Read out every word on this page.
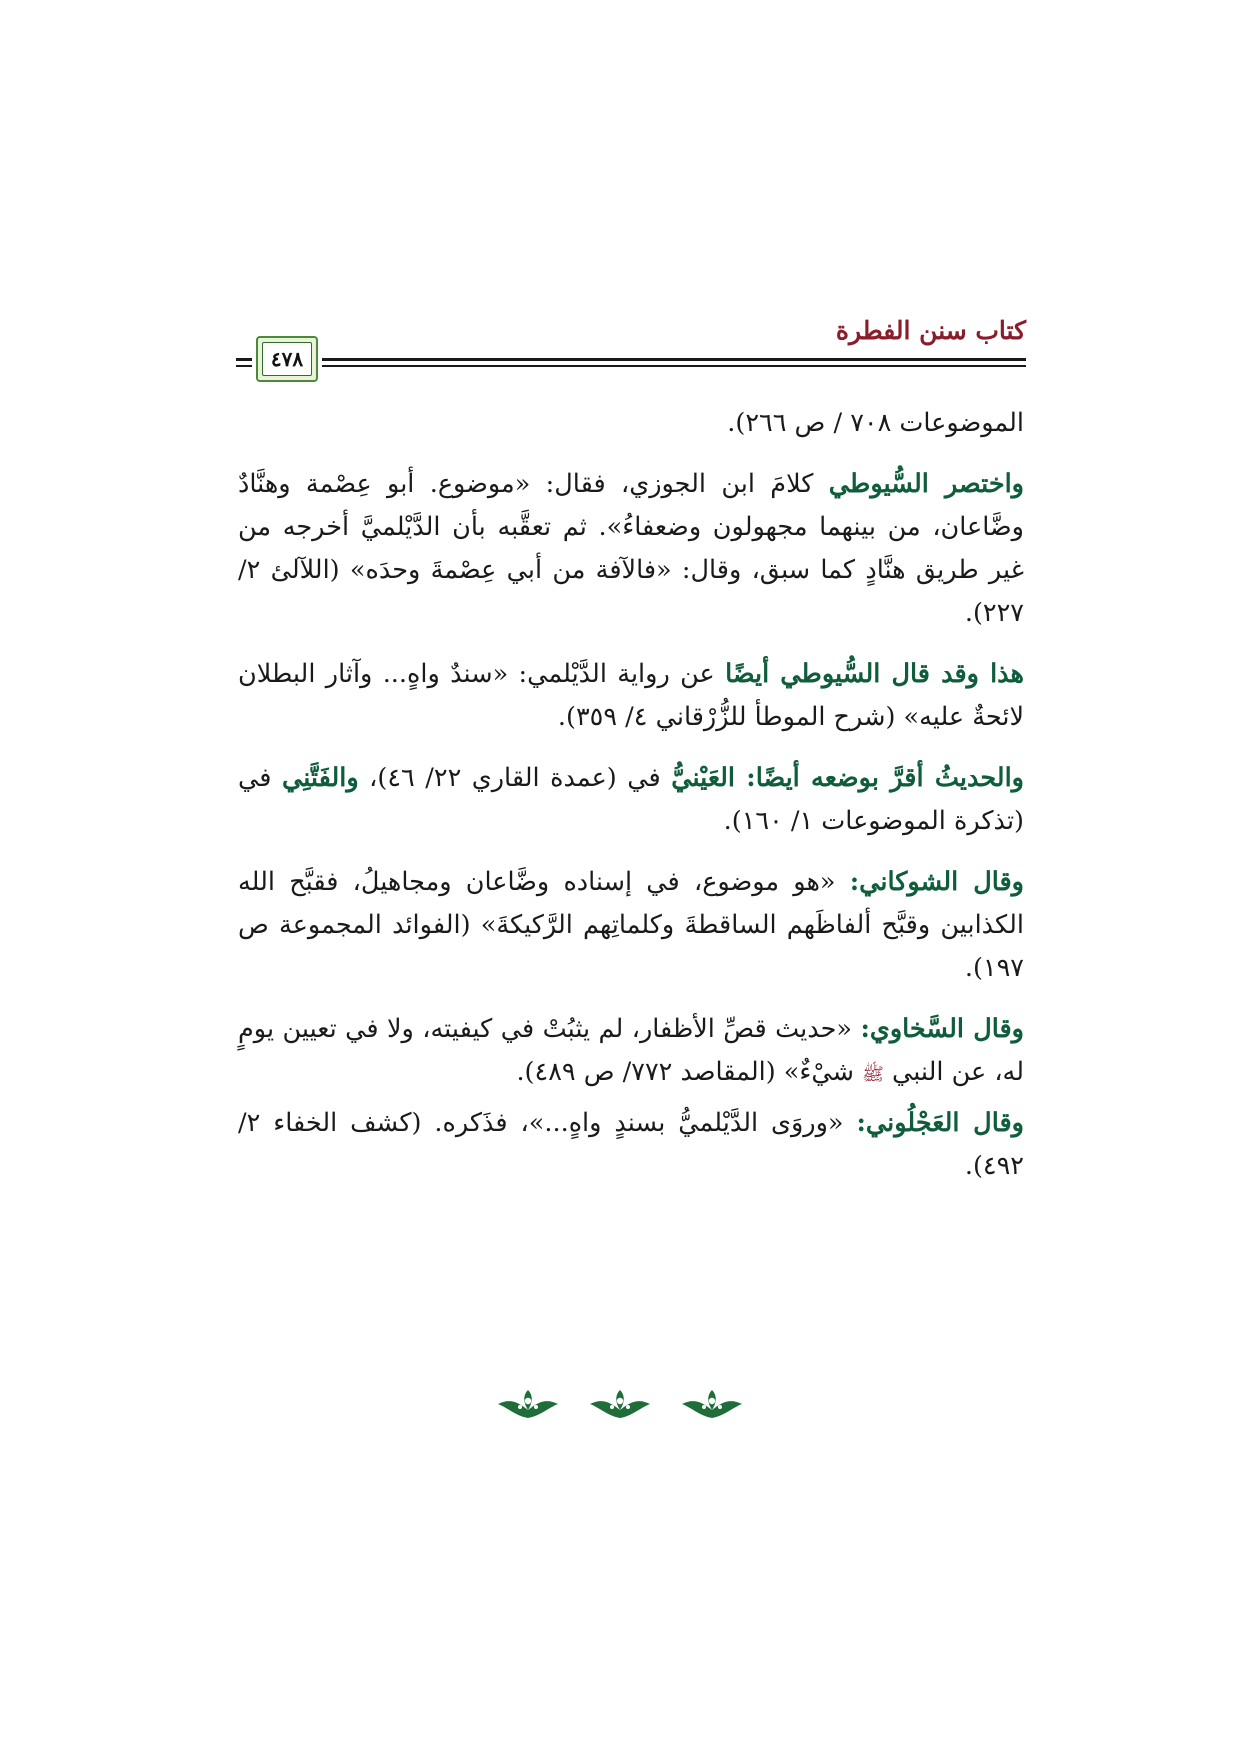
كتاب سنن الفطرة
٤٧٨

الموضوعات ٧٠٨ / ص ٢٦٦).

واختصر السُّيوطي كلامَ ابن الجوزي، فقال: «موضوع. أبو عِصْمة وهنَّادٌ وضَّاعان، من بينهما مجهولون وضعفاءُ». ثم تعقَّبه بأن الدَّيْلميَّ أخرجه من غير طريق هنَّادٍ كما سبق، وقال: «فالآفة من أبي عِصْمةَ وحدَه» (اللآلئ ٢/ ٢٢٧).

هذا وقد قال السُّيوطي أيضًا عن رواية الدَّيْلمي: «سندٌ واهٍ... وآثار البطلان لائحةٌ عليه» (شرح الموطأ للزُّرْقاني ٤/ ٣٥٩).

والحديثُ أقرَّ بوضعه أيضًا: العَيْنيُّ في (عمدة القاري ٢٢/ ٤٦)، والفَتَّنِي في (تذكرة الموضوعات ١/ ١٦٠).

وقال الشوكاني: «هو موضوع، في إسناده وضَّاعان ومجاهيلُ، فقبَّح الله الكذابين وقبَّح ألفاظَهم الساقطةَ وكلماتِهم الرَّكيكةَ» (الفوائد المجموعة ص ١٩٧).

وقال السَّخاوي: «حديث قصِّ الأظفار، لم يثبُتْ في كيفيته، ولا في تعيين يومٍ له، عن النبي ﷺ شيْءٌ» (المقاصد ٧٧٢/ ص ٤٨٩).

وقال العَجْلُوني: «وروَى الدَّيْلميُّ بسندٍ واهٍ...»، فذَكره. (كشف الخفاء ٢/ ٤٩٢).
